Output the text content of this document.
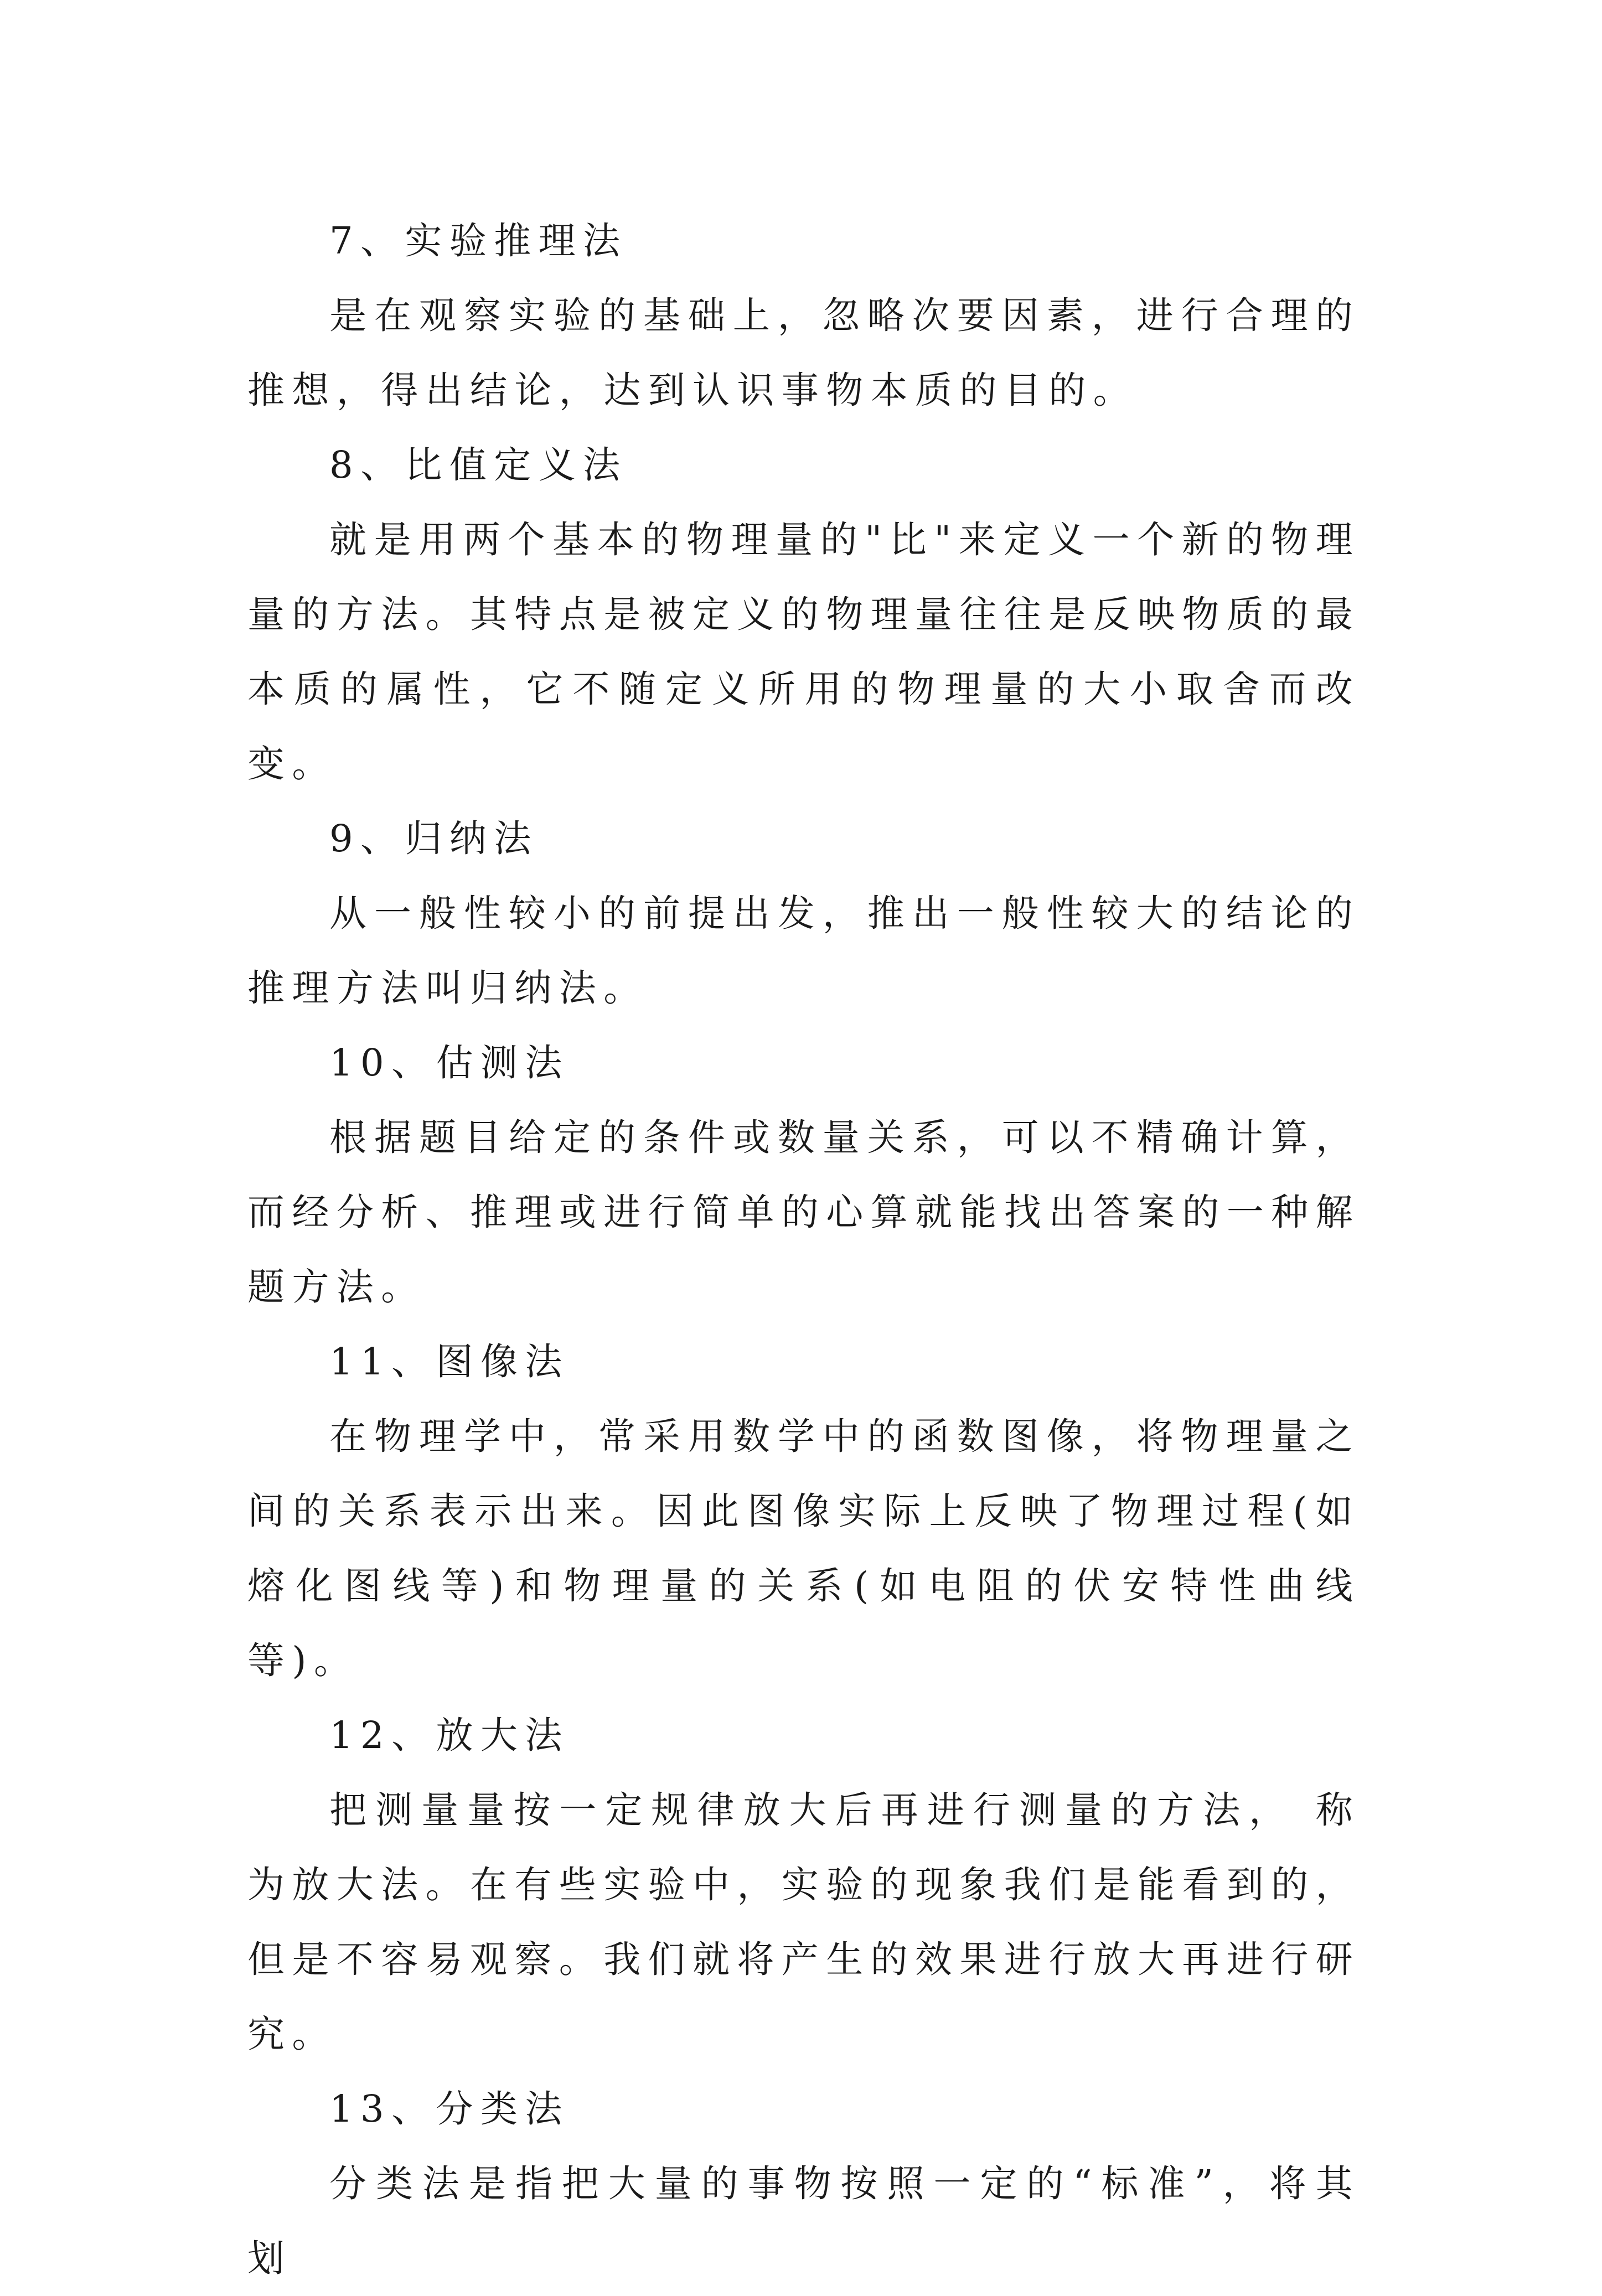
7、实验推理法

是在观察实验的基础上，忽略次要因素，进行合理的推想，得出结论，达到认识事物本质的目的。

8、比值定义法

就是用两个基本的物理量的"比"来定义一个新的物理量的方法。其特点是被定义的物理量往往是反映物质的最本质的属性，它不随定义所用的物理量的大小取舍而改变。

9、归纳法

从一般性较小的前提出发，推出一般性较大的结论的推理方法叫归纳法。

10、估测法

根据题目给定的条件或数量关系，可以不精确计算，而经分析、推理或进行简单的心算就能找出答案的一种解题方法。

11、图像法

在物理学中，常采用数学中的函数图像，将物理量之间的关系表示出来。因此图像实际上反映了物理过程(如熔化图线等)和物理量的关系(如电阻的伏安特性曲线等)。

12、放大法

把测量量按一定规律放大后再进行测量的方法， 称为放大法。在有些实验中，实验的现象我们是能看到的，但是不容易观察。我们就将产生的效果进行放大再进行研究。

13、分类法

分类法是指把大量的事物按照一定的“标准”，将其划
